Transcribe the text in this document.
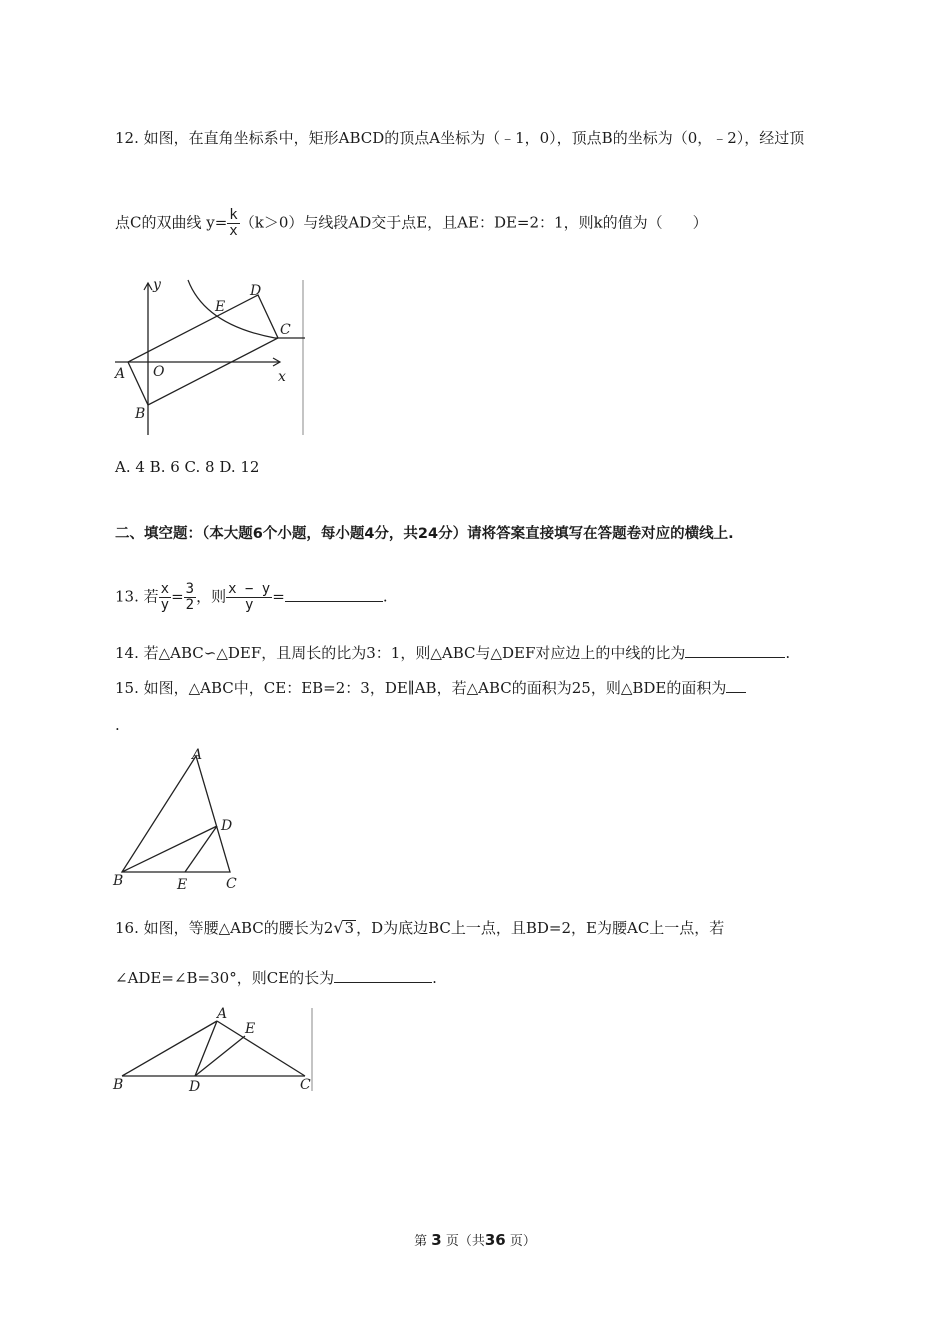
12. 如图，在直角坐标系中，矩形ABCD的顶点A坐标为（﹣1，0），顶点B的坐标为（0，﹣2），经过顶
点C的双曲线 $y= \frac{k}{x} (k>0)$与线段AD交于点E，且AE：DE=2：1，则k的值为（　　）
y	D
E
C
A O	x
B
A. 4 B. 6 C. 8 D. 12
二、填空题：（本大题6个小题，每小题4分，共24分）请将答案直接填写在答题卷对应的横线上.
13. 若 $\frac{x}{y} = \frac{3}{2}$ ，则 $\frac{x - y}{y}$ =	.
14. 若△ABC∽△DEF，且周长的比为3：1，则△ABC与△DEF对应边上的中线的比为	.
15. 如图，△ABC中，CE：EB=2：3，DE∥AB，若△ABC的面积为25，则△BDE的面积为
.
A
D
B	E	C
16. 如图，等腰△ABC的腰长为2√3 ，D为底边BC上一点，且BD=2，E为腰AC上一点，若
∠ADE=∠B=30°，则CE的长为	.
A
E
B	D	C
第 3 页（共36 页）
